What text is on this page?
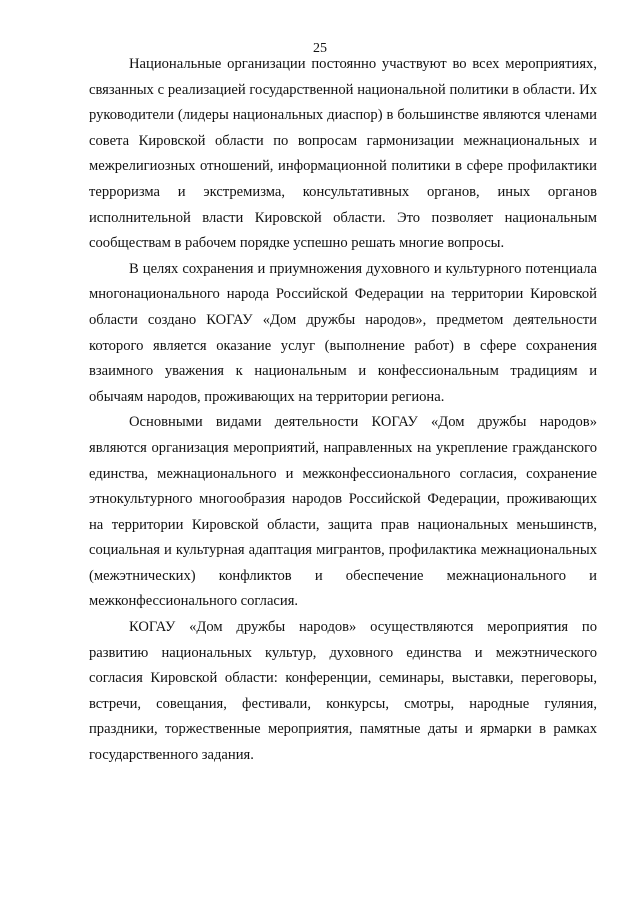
25

Национальные организации постоянно участвуют во всех мероприятиях, связанных с реализацией государственной национальной политики в области. Их руководители (лидеры национальных диаспор) в большинстве являются членами совета Кировской области по вопросам гармонизации межнациональных и межрелигиозных отношений, информационной политики в сфере профилактики терроризма и экстремизма, консультативных органов, иных органов исполнительной власти Кировской области. Это позволяет национальным сообществам в рабочем порядке успешно решать многие вопросы.

В целях сохранения и приумножения духовного и культурного потенциала многонационального народа Российской Федерации на территории Кировской области создано КОГАУ «Дом дружбы народов», предметом деятельности которого является оказание услуг (выполнение работ) в сфере сохранения взаимного уважения к национальным и конфессиональным традициям и обычаям народов, проживающих на территории региона.

Основными видами деятельности КОГАУ «Дом дружбы народов» являются организация мероприятий, направленных на укрепление гражданского единства, межнационального и межконфессионального согласия, сохранение этнокультурного многообразия народов Российской Федерации, проживающих на территории Кировской области, защита прав национальных меньшинств, социальная и культурная адаптация мигрантов, профилактика межнациональных (межэтнических) конфликтов и обеспечение межнационального и межконфессионального согласия.

КОГАУ «Дом дружбы народов» осуществляются мероприятия по развитию национальных культур, духовного единства и межэтнического согласия Кировской области: конференции, семинары, выставки, переговоры, встречи, совещания, фестивали, конкурсы, смотры, народные гуляния, праздники, торжественные мероприятия, памятные даты и ярмарки в рамках государственного задания.
